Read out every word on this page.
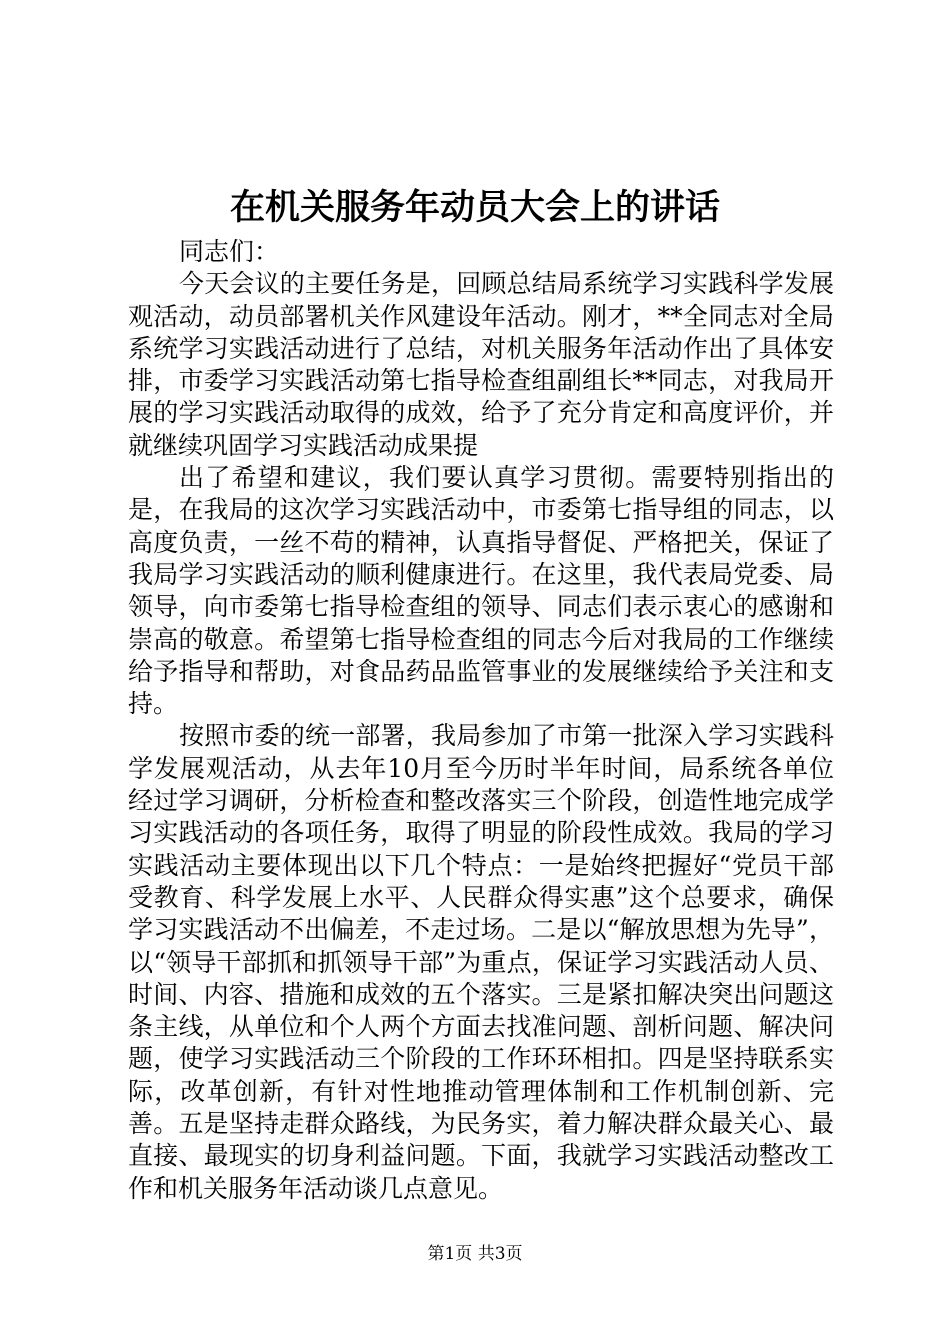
在机关服务年动员大会上的讲话

同志们：

今天会议的主要任务是，回顾总结局系统学习实践科学发展观活动，动员部署机关作风建设年活动。刚才，**全同志对全局系统学习实践活动进行了总结，对机关服务年活动作出了具体安排，市委学习实践活动第七指导检查组副组长**同志，对我局开展的学习实践活动取得的成效，给予了充分肯定和高度评价，并就继续巩固学习实践活动成果提

出了希望和建议，我们要认真学习贯彻。需要特别指出的是，在我局的这次学习实践活动中，市委第七指导组的同志，以高度负责，一丝不苟的精神，认真指导督促、严格把关，保证了我局学习实践活动的顺利健康进行。在这里，我代表局党委、局领导，向市委第七指导检查组的领导、同志们表示衷心的感谢和崇高的敬意。希望第七指导检查组的同志今后对我局的工作继续给予指导和帮助，对食品药品监管事业的发展继续给予关注和支持。

按照市委的统一部署，我局参加了市第一批深入学习实践科学发展观活动，从去年10月至今历时半年时间，局系统各单位经过学习调研，分析检查和整改落实三个阶段，创造性地完成学习实践活动的各项任务，取得了明显的阶段性成效。我局的学习实践活动主要体现出以下几个特点：一是始终把握好“党员干部受教育、科学发展上水平、人民群众得实惠”这个总要求，确保学习实践活动不出偏差，不走过场。二是以“解放思想为先导”，以“领导干部抓和抓领导干部”为重点，保证学习实践活动人员、时间、内容、措施和成效的五个落实。三是紧扣解决突出问题这条主线，从单位和个人两个方面去找准问题、剖析问题、解决问题，使学习实践活动三个阶段的工作环环相扣。四是坚持联系实际，改革创新，有针对性地推动管理体制和工作机制创新、完善。五是坚持走群众路线，为民务实，着力解决群众最关心、最直接、最现实的切身利益问题。下面，我就学习实践活动整改工作和机关服务年活动谈几点意见。

第1页 共3页
